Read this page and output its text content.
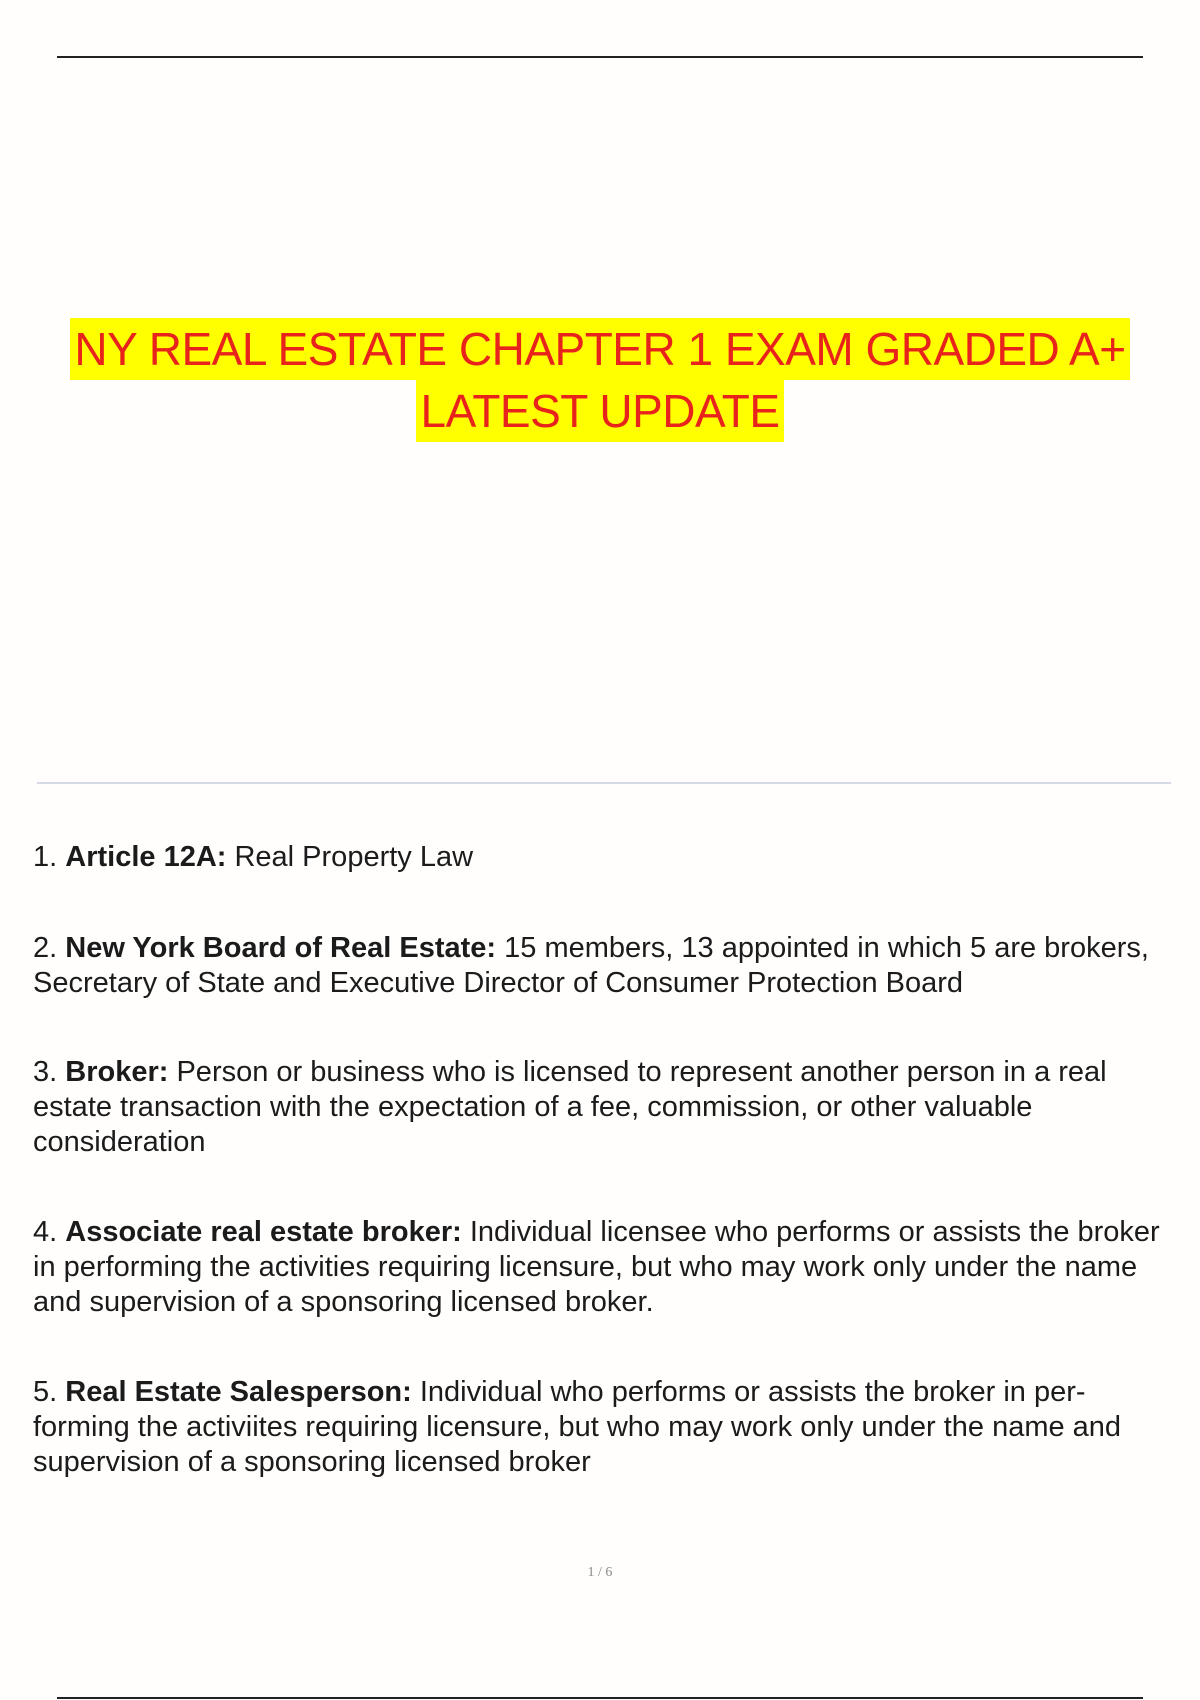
NY REAL ESTATE CHAPTER 1 EXAM GRADED A+
LATEST UPDATE
1. Article 12A: Real Property Law
2. New York Board of Real Estate: 15 members, 13 appointed in which 5 are brokers, Secretary of State and Executive Director of Consumer Protection Board
3. Broker: Person or business who is licensed to represent another person in a real estate transaction with the expectation of a fee, commission, or other valuable consideration
4. Associate real estate broker: Individual licensee who performs or assists the broker in performing the activities requiring licensure, but who may work only under the name and supervision of a sponsoring licensed broker.
5. Real Estate Salesperson: Individual who performs or assists the broker in per- forming the activiites requiring licensure, but who may work only under the name and supervision of a sponsoring licensed broker
1 / 6
